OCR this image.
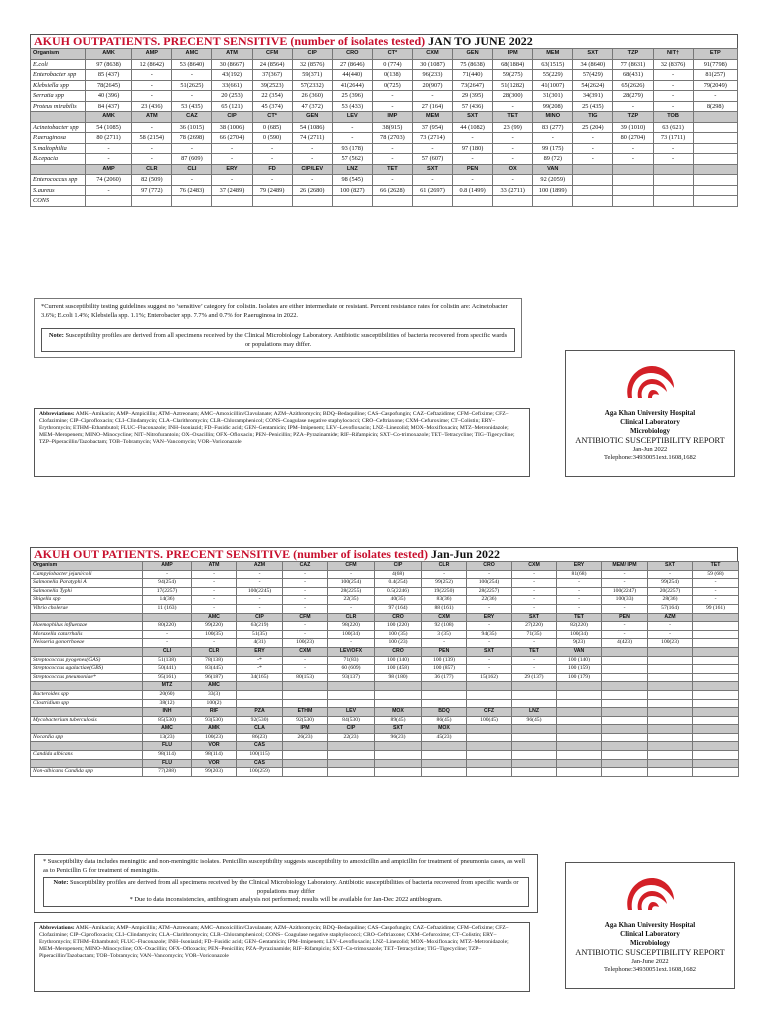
AKUH OUTPATIENTS. PRECENT SENSITIVE (number of isolates tested) JAN TO JUNE 2022
Organism	AMK	AMP	AMC	ATM	CFM	CIP	CRO	CT*	CXM	GEN	IPM	MEM	SXT	TZP	NIT†	ETP
E.coli	97 (8638)	12 (8642)	53 (8640)	30 (8667)	24 (8564)	32 (8576)	27 (8646)	0 (774)	30 (1087)	75 (8638)	68(1884)	63(1515)	34 (8640)	77 (8631)	32 (8376)	91(7798)
Enterobacter spp	85 (437)	-	-	43(192)	37(367)	59(371)	44(440)	0(138)	96(233)	71(440)	59(275)	55(229)	57(429)	68(431)	-	81(257)
Klebsiella spp	78(2645)	-	51(2625)	33(661)	39(2523)	57(2332)	41(2644)	0(725)	20(907)	73(2647)	51(1282)	41(1007)	54(2624)	65(2626)	-	79(2049)
Serratia spp	40 (396)	-	-	20 (253)	22 (354)	26 (360)	25 (396)	-	-	29 (395)	28(300)	31(301)	34(391)	28(279)	-	-
Proteus mirabilis	84 (437)	23 (436)	53 (435)	65 (121)	45 (374)	47 (372)	53 (433)	-	27 (164)	57 (436)	-	99(208)	25 (435)	-	-	8(298)
	AMK	ATM	CAZ	CIP	CT*	GEN	LEV	IMP	MEM	SXT	TET	MINO	TIG	TZP	TOB	
Acinetobacter spp	54 (1085)	-	36 (1015)	38 (1006)	0 (685)	54 (1086)	-	38(915)	37 (954)	44 (1082)	23 (99)	83 (277)	25 (204)	39 (1010)	63 (621)	
P.aeruginosa	80 (2711)	58 (2154)	78 (2698)	66 (2704)	0 (590)	74 (2711)	-	78 (2703)	73 (2714)	-	-	-	-	80 (2704)	73 (1711)	
S.maltophilia	-	-	-	-	-	-	93 (178)	-	-	97 (180)	-	99 (175)	-	-	-	
B.cepacia	-	-	87 (609)	-	-	-	57 (562)	-	57 (607)	-	-	89 (72)	-	-	-	
	AMP	CLR	CLI	ERY	FD	CIP/LEV	LNZ	TET	SXT	PEN	OX	VAN				
Enterococcus spp	74 (2060)	82 (509)	-	-	-	-	98 (545)	-	-	-	-	92 (2059)				
S.aureus	-	97 (772)	76 (2483)	37 (2489)	79 (2489)	26 (2680)	100 (827)	66 (2628)	61 (2697)	0.8 (1499)	33 (2711)	100 (1899)				
CONS																
*Current susceptibility testing guidelines suggest no ‘sensitive’ category for colistin. Isolates are either intermediate or resistant. Percent resistance rates for colistin are: Acinetobacter 3.6%; E.coli 1.4%; Klebsiella spp. 1.1%; Enterobacter spp. 7.7% and 0.7% for P.aeruginosa in 2022.
Note: Susceptibility profiles are derived from all specimens received by the Clinical Microbiology Laboratory. Antibiotic susceptibilities of bacteria recovered from specific wards or populations may differ.
Abbreviations: AMK–Amikacin; AMP–Ampicillin; ATM–Aztreonam; AMC–Amoxicillin/Clavulanate; AZM–Azithromycin; BDQ–Bedaquiline; CAS–Caspofungin; CAZ–Ceftazidime; CFM–Cefixime; CFZ–Clofazimine; CIP–Ciprofloxacin; CLI–Clindamycin; CLA–Clarithromycin; CLR–Chloramphenicol; CONS–Coagulase negative staphylococci; CRO–Ceftriaxone; CXM–Cefuroxime; CT–Colistin; ERY–Erythromycin; ETHM–Ethambutol; FLUC–Fluconazole; INH–Isoniazid; FD–Fusidic acid; GEN–Gentamicin; IPM–Imipenem; LEV–Levofloxacin; LNZ–Linezolid; MOX–Moxifloxacin; MTZ–Metronidazole; MEM–Meropenem; MINO–Minocycline; NIT–Nitrofurantoin; OX–Oxacillin; OFX–Ofloxacin; PEN–Penicillin; PZA–Pyrazinamide; RIF–Rifampicin; SXT–Co-trimoxazole; TET–Tetracycline; TIG–Tigecycline; TZP–Piperacillin/Tazobactam; TOB–Tobramycin; VAN–Vancomycin; VOR–Voriconazole
Aga Khan University Hospital
Clinical Laboratory
Microbiology
ANTIBIOTIC SUSCEPTIBILITY REPORT
Jan-Jun 2022
Telephone:34930051ext.1608,1682
AKUH OUT PATIENTS. PRECENT SENSITIVE (number of isolates tested) Jan-Jun 2022
Organism	AMP	ATM	AZM	CAZ	CFM	CIP	CLR	CRO	CXM	ERY	MEM/ IPM	SXT	TET
Campylobacter jejuni/coli	-	-	-	-	-	4(68)	-	-	-	81(68)	-	-	59 (68)
Salmonella Paratyphi A	94(254)	-	-	-	100(254)	0.4(254)	99(252)	100(254)	-	-	-	99(254)	-
Salmonella Typhi	17(2257)	-	100(2245)	-	28(2255)	0.5(2246)	19(2250)	28(2257)	-	-	100(2247)	20(2257)	-
Shigella spp	14(36)	-	-	-	22(35)	40(35)	83(36)	22(36)	-	-	100(33)	28(36)	-
Vibrio cholerae	11 (163)	-	-	-	-	97 (164)	88 (161)	-	-	-	-	57(164)	99 (161)
		AMC	CIP	CFM	CLR	CRO	CXM	ERY	SXT	TET	PEN	AZM	
Haemophilus influenzae	80(220)	99(220)	63(219)	-	98(220)	100 (220)	92 (108)	-	27(220)	82(220)	-	-	
Moraxella catarrhalis	-	100(35)	51(35)	-	100(34)	100 (35)	3 (35)	94(35)	71(35)	100(34)	-	-	
Neisseria gonorrhoeae	-	-	4(31)	100(23)	-	100 (23)	-	-	-	9(23)	4(423)	100(23)	
	CLI	CLR	ERY	CXM	LEV/OFX	CRO	PEN	SXT	TET	VAN			
Streptococcus pyogenes(GAS)	51(138)	78(138)	-*	-	71(83)	100 (140)	100 (139)	-	-	100 (140)			
Streptococcus agalactiae(GBS)	50(441)	83(445)	-*	-	60 (609)	100 (458)	100 (857)	-	-	100 (159)			
Streptococcus pneumoniae*	95(161)	96(187)	34(165)	80(153)	93(137)	98 (180)	36 (177)	15(162)	29 (137)	100 (179)			
	MTZ	AMC											
Bacteroides spp	20(60)	33(3)											
Clostridium spp	38(12)	100(2)											
	INH	RIF	PZA	ETHM	LEV	MOX	BDQ	CFZ	LNZ				
Mycobacterium tuberculosis	85(530)	93(530)	92(530)	92(530)	84(530)	89(45)	86(45)	100(45)	96(45)				
	AMC	AMK	CLA	IPM	CIP	SXT	MOX						
Nocardia spp	13(23)	100(23)	86(23)	26(23)	22(23)	96(23)	45(23)						
	FLU	VOR	CAS										
Candida albicans	98(114)	98(114)	100(115)										
	FLU	VOR	CAS										
Non-albicans Candida spp	77(288)	99(203)	100(259)										
* Susceptibility data includes meningitic and non-meningitic isolates. Penicillin susceptibility suggests susceptibility to amoxicillin and ampicillin for treatment of pneumonia cases, as well as to Penicillin G for treatment of meningitis.
Note: Susceptibility profiles are derived from all specimens received by the Clinical Microbiology Laboratory. Antibiotic susceptibilities of bacteria recovered from specific wards or populations may differ
* Due to data inconsistencies, antibiogram analysis not performed; results will be available for Jan-Dec 2022 antibiogram.
Abbreviations: AMK–Amikacin; AMP–Ampicillin; ATM–Aztreonam; AMC–Amoxicillin/Clavulanate; AZM–Azithromycin; BDQ–Bedaquiline; CAS–Caspofungin; CAZ–Ceftazidime; CFM–Cefixime; CFZ–Clofazimine; CIP–Ciprofloxacin; CLI–Clindamycin; CLA–Clarithromycin; CLR–Chloramphenicol; CONS– Coagulase negative staphylococci; CRO–Ceftriaxone; CXM–Cefuroxime; CT–Colistin; ERY–Erythromycin; ETHM–Ethambutol; FLUC–Fluconazole; INH–Isoniazid; FD–Fusidic acid; GEN–Gentamicin; IPM–Imipenem; LEV–Levofloxacin; LNZ–Linezolid; MOX–Moxifloxacin; MTZ–Metronidazole; MEM–Meropenem; MINO–Minocycline; OX–Oxacillin; OFX–Ofloxacin; PEN–Penicillin; PZA–Pyrazinamide; RIF–Rifampicin; SXT–Co-trimoxazole; TET–Tetracycline; TIG–Tigecycline; TZP–Piperacillin/Tazobactam; TOB–Tobramycin; VAN–Vancomycin; VOR–Voriconazole
Aga Khan University Hospital
Clinical Laboratory
Microbiology
ANTIBIOTIC SUSCEPTIBILITY REPORT
Jan-June 2022
Telephone:34930051ext.1608,1682
